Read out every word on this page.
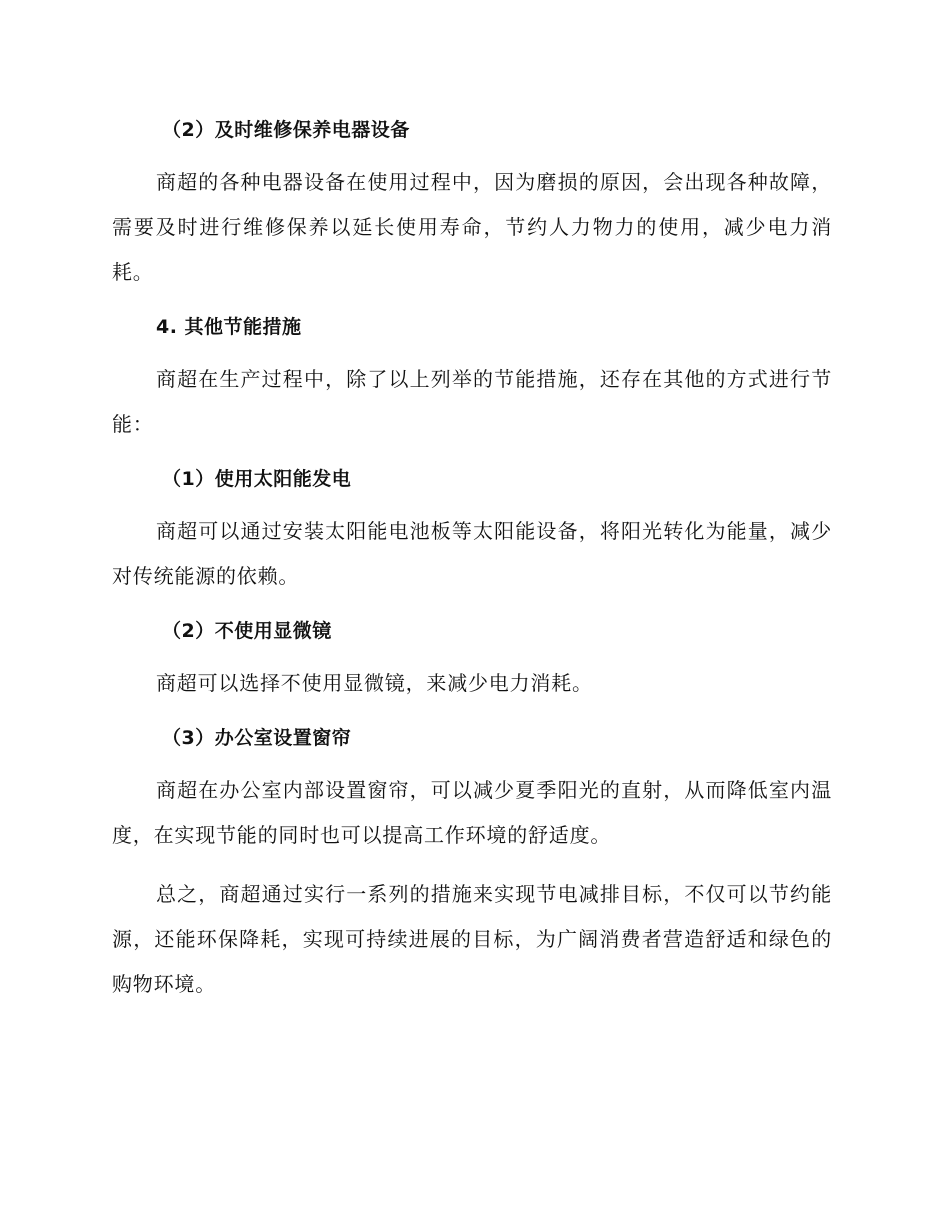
（2）及时维修保养电器设备

商超的各种电器设备在使用过程中，因为磨损的原因，会出现各种故障，需要及时进行维修保养以延长使用寿命，节约人力物力的使用，减少电力消耗。

4. 其他节能措施

商超在生产过程中，除了以上列举的节能措施，还存在其他的方式进行节能：

（1）使用太阳能发电

商超可以通过安装太阳能电池板等太阳能设备，将阳光转化为能量，减少对传统能源的依赖。

（2）不使用显微镜

商超可以选择不使用显微镜，来减少电力消耗。

（3）办公室设置窗帘

商超在办公室内部设置窗帘，可以减少夏季阳光的直射，从而降低室内温度，在实现节能的同时也可以提高工作环境的舒适度。

总之，商超通过实行一系列的措施来实现节电减排目标，不仅可以节约能源，还能环保降耗，实现可持续进展的目标，为广阔消费者营造舒适和绿色的购物环境。
